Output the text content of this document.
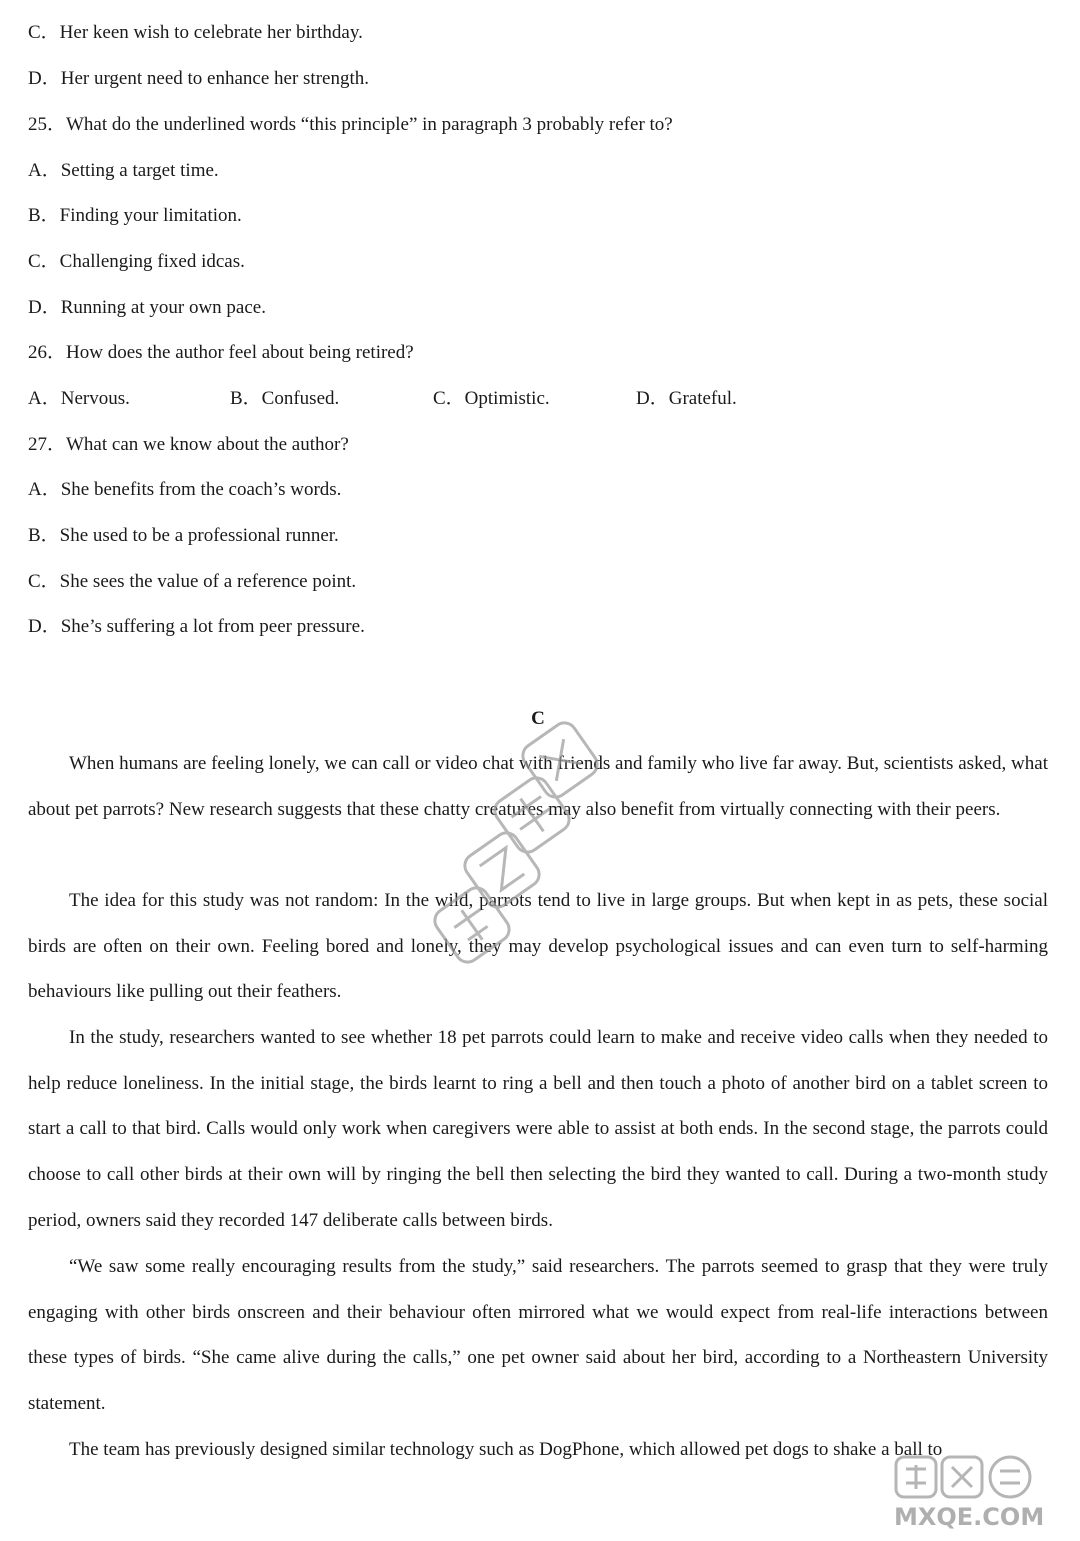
C．Her keen wish to celebrate her birthday.
D．Her urgent need to enhance her strength.
25．What do the underlined words “this principle” in paragraph 3 probably refer to?
A．Setting a target time.
B．Finding your limitation.
C．Challenging fixed idcas.
D．Running at your own pace.
26．How does the author feel about being retired?
A．Nervous.	B．Confused.	C．Optimistic.	D．Grateful.
27．What can we know about the author?
A．She benefits from the coach’s words.
B．She used to be a professional runner.
C．She sees the value of a reference point.
D．She’s suffering a lot from peer pressure.
C
When humans are feeling lonely, we can call or video chat with friends and family who live far away. But, scientists asked, what about pet parrots? New research suggests that these chatty creatures may also benefit from virtually connecting with their peers.
The idea for this study was not random: In the wild, parrots tend to live in large groups. But when kept in as pets, these social birds are often on their own. Feeling bored and lonely, they may develop psychological issues and can even turn to self-harming behaviours like pulling out their feathers.
In the study, researchers wanted to see whether 18 pet parrots could learn to make and receive video calls when they needed to help reduce loneliness. In the initial stage, the birds learnt to ring a bell and then touch a photo of another bird on a tablet screen to start a call to that bird. Calls would only work when caregivers were able to assist at both ends. In the second stage, the parrots could choose to call other birds at their own will by ringing the bell then selecting the bird they wanted to call. During a two-month study period, owners said they recorded 147 deliberate calls between birds.
“We saw some really encouraging results from the study,” said researchers. The parrots seemed to grasp that they were truly engaging with other birds onscreen and their behaviour often mirrored what we would expect from real-life interactions between these types of birds. “She came alive during the calls,” one pet owner said about her bird, according to a Northeastern University statement.
The team has previously designed similar technology such as DogPhone, which allowed pet dogs to shake a ball to
MXQE.COM
